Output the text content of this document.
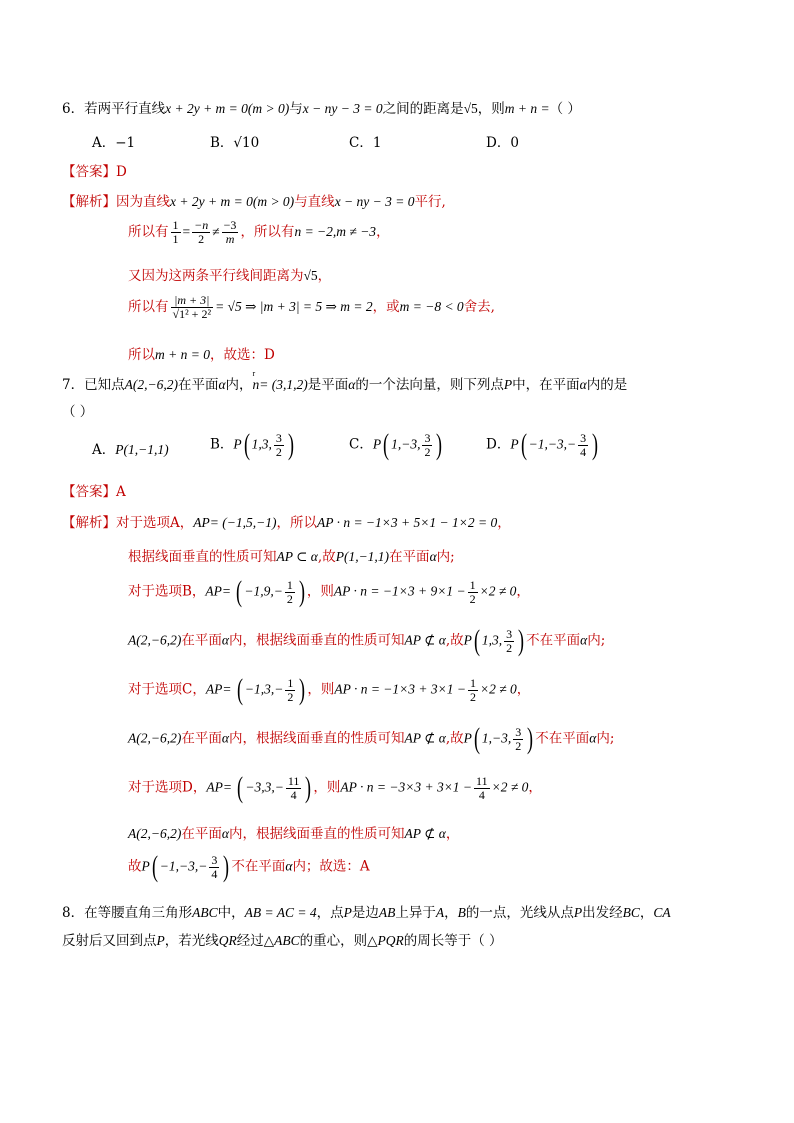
6．若两平行直线x + 2y + m = 0(m > 0)与x − ny − 3 = 0之间的距离是√5，则m + n =（ ）
A．−1	B．√10	C．1	D．0
【答案】D
【解析】因为直线x + 2y + m = 0(m > 0)与直线x − ny − 3 = 0平行,
所以有 $\frac{1}{1} = \frac{-n}{2} \ne \frac{-3}{m}$ ，所以有n = −2,m ≠ −3，
又因为这两条平行线间距离为√5，
所以有 $\frac{|m + 3|}{\text{√1² + 2²}} = √5$ ⇒ |m + 3| = 5 ⇒ m = 2，或m = −8 < 0舍去,
所以m + n = 0，故选：D
7．已知点A(2,−6,2)在平面α内，
r
n= (3,1,2)是平面α的一个法向量，则下列点P中，在平面α内的是
（ ）
A．P(1,−1,1)	B．P( 1,3, $\frac{3}{2}$ )	C．P( 1,−3, $\frac{3}{2}$ )	D．$P( -1,-3,- \frac{3}{4}$ )
【答案】A
【解析】对于选项A，AP= (−1,5,−1)，所以AP · n = −1×3 + 5×1 − 1×2 = 0，
根据线面垂直的性质可知AP ⊂ α,故P(1,−1,1)在平面α内;
对于选项B，AP= ( $-1,9,- \frac{1}{2}$ ) ，则AP · $n = -1\times 3 + 9\times 1 - \frac{1}{2} \times 2 \ne 0$，
A(2,−6,2)在平面α内，根据线面垂直的性质可知AP ⊄ α,故P( 1,3, $\frac{3}{2}$ ) 不在平面α内;
对于选项C，AP= ( $-1,3,- \frac{1}{2}$ ) ，则AP · $n = -1\times 3 + 3\times 1 - \frac{1}{2} \times 2 \ne 0$，
A(2,−6,2)在平面α内，根据线面垂直的性质可知AP ⊄ α,故P( 1,−3, $\frac{3}{2}$ ) 不在平面α内;
对于选项D，AP= ( $-3,3,- \frac{11}{4}$ ) ，则AP · $n = -3\times 3 + 3\times 1 - \frac{11}{4} \times 2 \ne 0$，
A(2,−6,2)在平面α内，根据线面垂直的性质可知AP ⊄ α，
故$P( -1,-3,- \frac{3}{4}$ ) 不在平面α内；故选：A
8．在等腰直角三角形ABC中，AB = AC = 4，点P是边AB上异于A，B的一点，光线从点P出发经BC，CA
反射后又回到点P，若光线QR经过△ABC的重心，则△PQR的周长等于（ ）
